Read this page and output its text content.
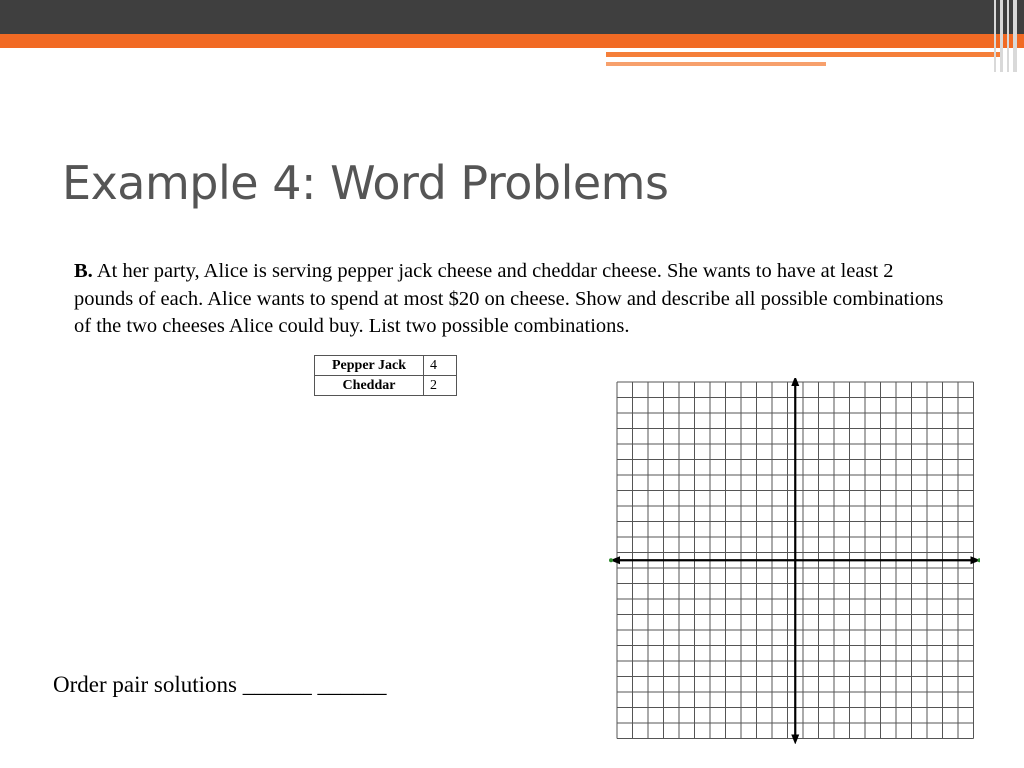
Example 4: Word Problems
B. At her party, Alice is serving pepper jack cheese and cheddar cheese. She wants to have at least 2 pounds of each. Alice wants to spend at most $20 on cheese. Show and describe all possible combinations of the two cheeses Alice could buy. List two possible combinations.
Pepper Jack	4
Cheddar	2
Order pair solutions ______ ______
